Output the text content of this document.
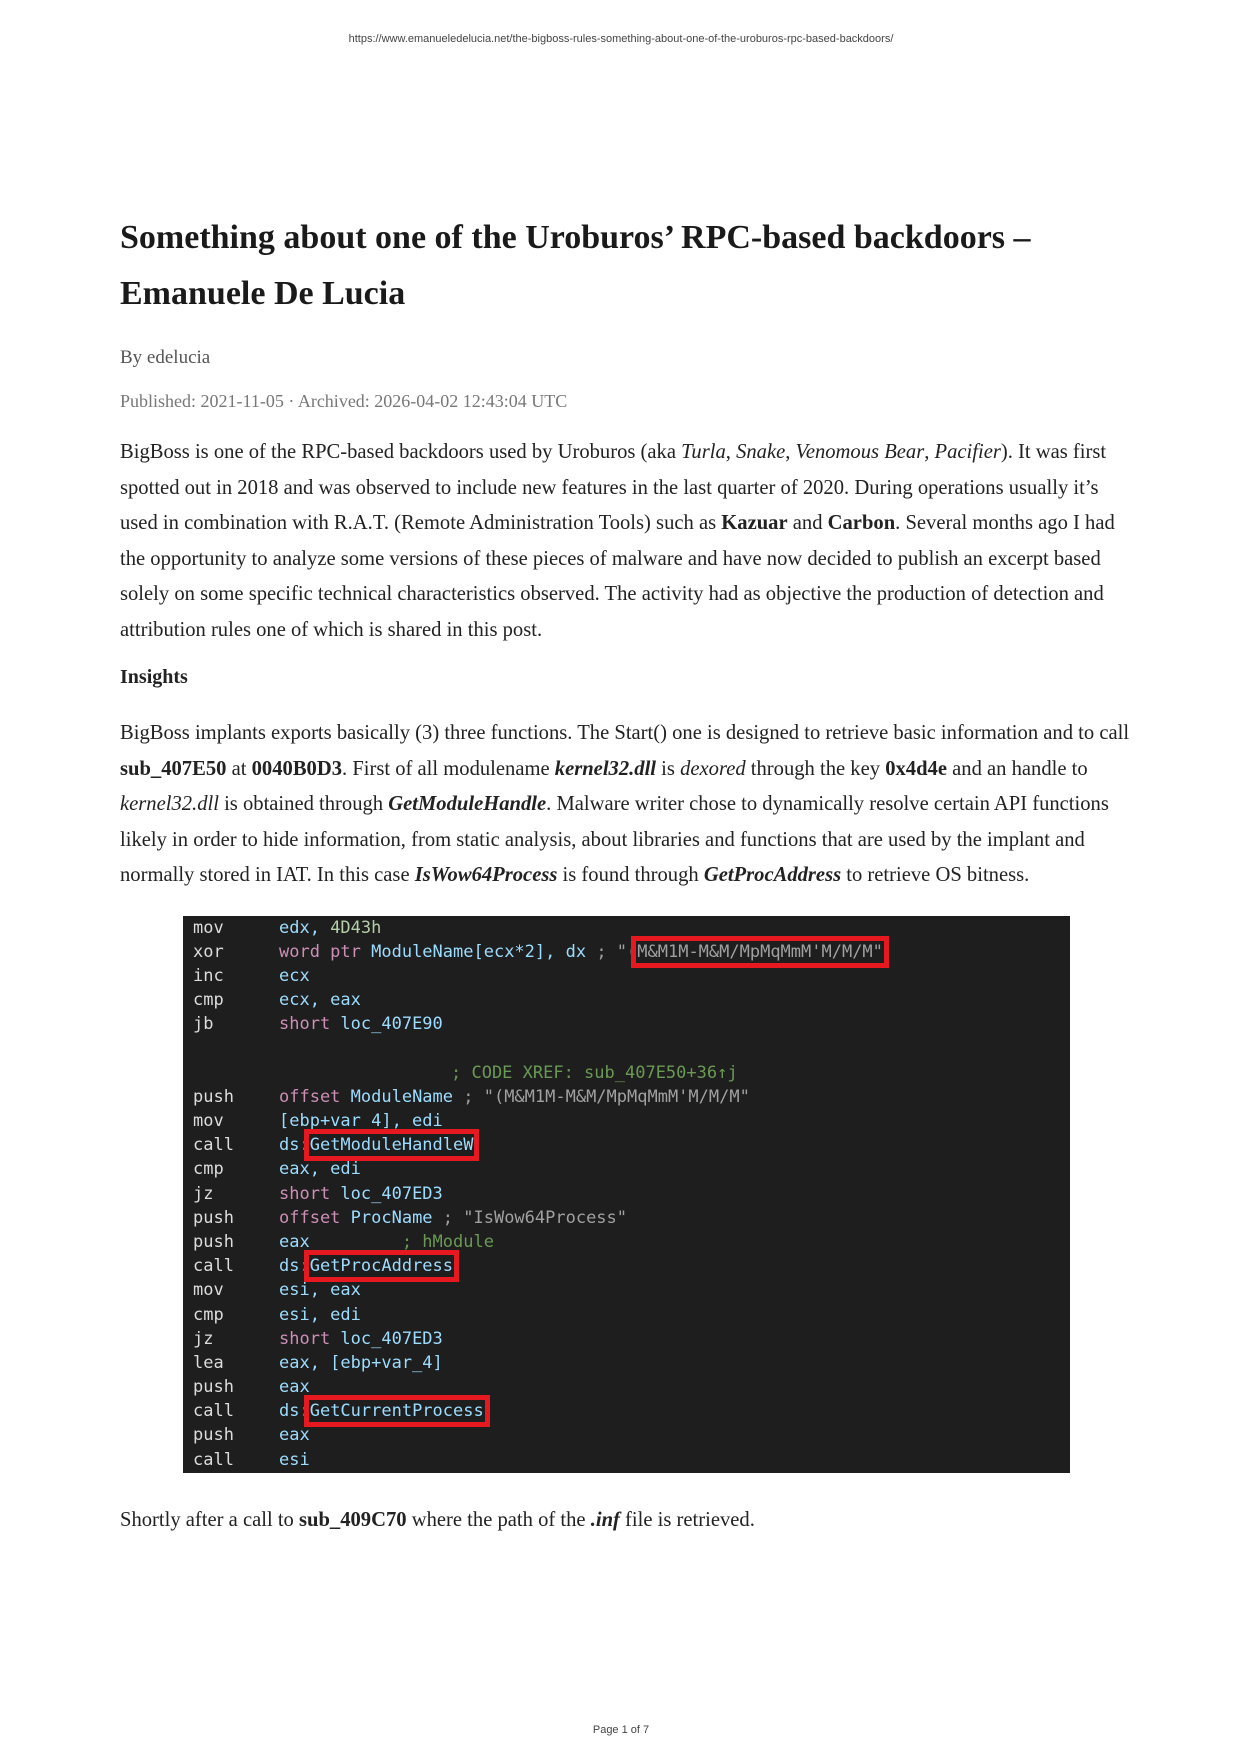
https://www.emanueledelucia.net/the-bigboss-rules-something-about-one-of-the-uroburos-rpc-based-backdoors/
Something about one of the Uroburos’ RPC-based backdoors – Emanuele De Lucia
By edelucia
Published: 2021-11-05 · Archived: 2026-04-02 12:43:04 UTC

BigBoss is one of the RPC-based backdoors used by Uroburos (aka Turla, Snake, Venomous Bear, Pacifier). It was first spotted out in 2018 and was observed to include new features in the last quarter of 2020. During operations usually it’s used in combination with R.A.T. (Remote Administration Tools) such as Kazuar and Carbon. Several months ago I had the opportunity to analyze some versions of these pieces of malware and have now decided to publish an excerpt based solely on some specific technical characteristics observed. The activity had as objective the production of detection and attribution rules one of which is shared in this post.

Insights

BigBoss implants exports basically (3) three functions. The Start() one is designed to retrieve basic information and to call sub_407E50 at 0040B0D3. First of all modulename kernel32.dll is dexored through the key 0x4d4e and an handle to kernel32.dll is obtained through GetModuleHandle. Malware writer chose to dynamically resolve certain API functions likely in order to hide information, from static analysis, about libraries and functions that are used by the implant and normally stored in IAT. In this case IsWow64Process is found through GetProcAddress to retrieve OS bitness.

mov	edx, 4D43h
xor	word ptr ModuleName[ecx*2], dx ; "(M&M1M-M&M/MpMqMmM'M/M/M"
inc	ecx
cmp	ecx, eax
jb	short loc_407E90
; CODE XREF: sub_407E50+36↑j
push	offset ModuleName ; "(M&M1M-M&M/MpMqMmM'M/M/M"
mov	[ebp+var_4], edi
call	ds:GetModuleHandleW
cmp	eax, edi
jz	short loc_407ED3
push	offset ProcName ; "IsWow64Process"
push	eax         ; hModule
call	ds:GetProcAddress
mov	esi, eax
cmp	esi, edi
jz	short loc_407ED3
lea	eax, [ebp+var_4]
push	eax
call	ds:GetCurrentProcess
push	eax
call	esi

Shortly after a call to sub_409C70 where the path of the .inf file is retrieved.

Page 1 of 7
